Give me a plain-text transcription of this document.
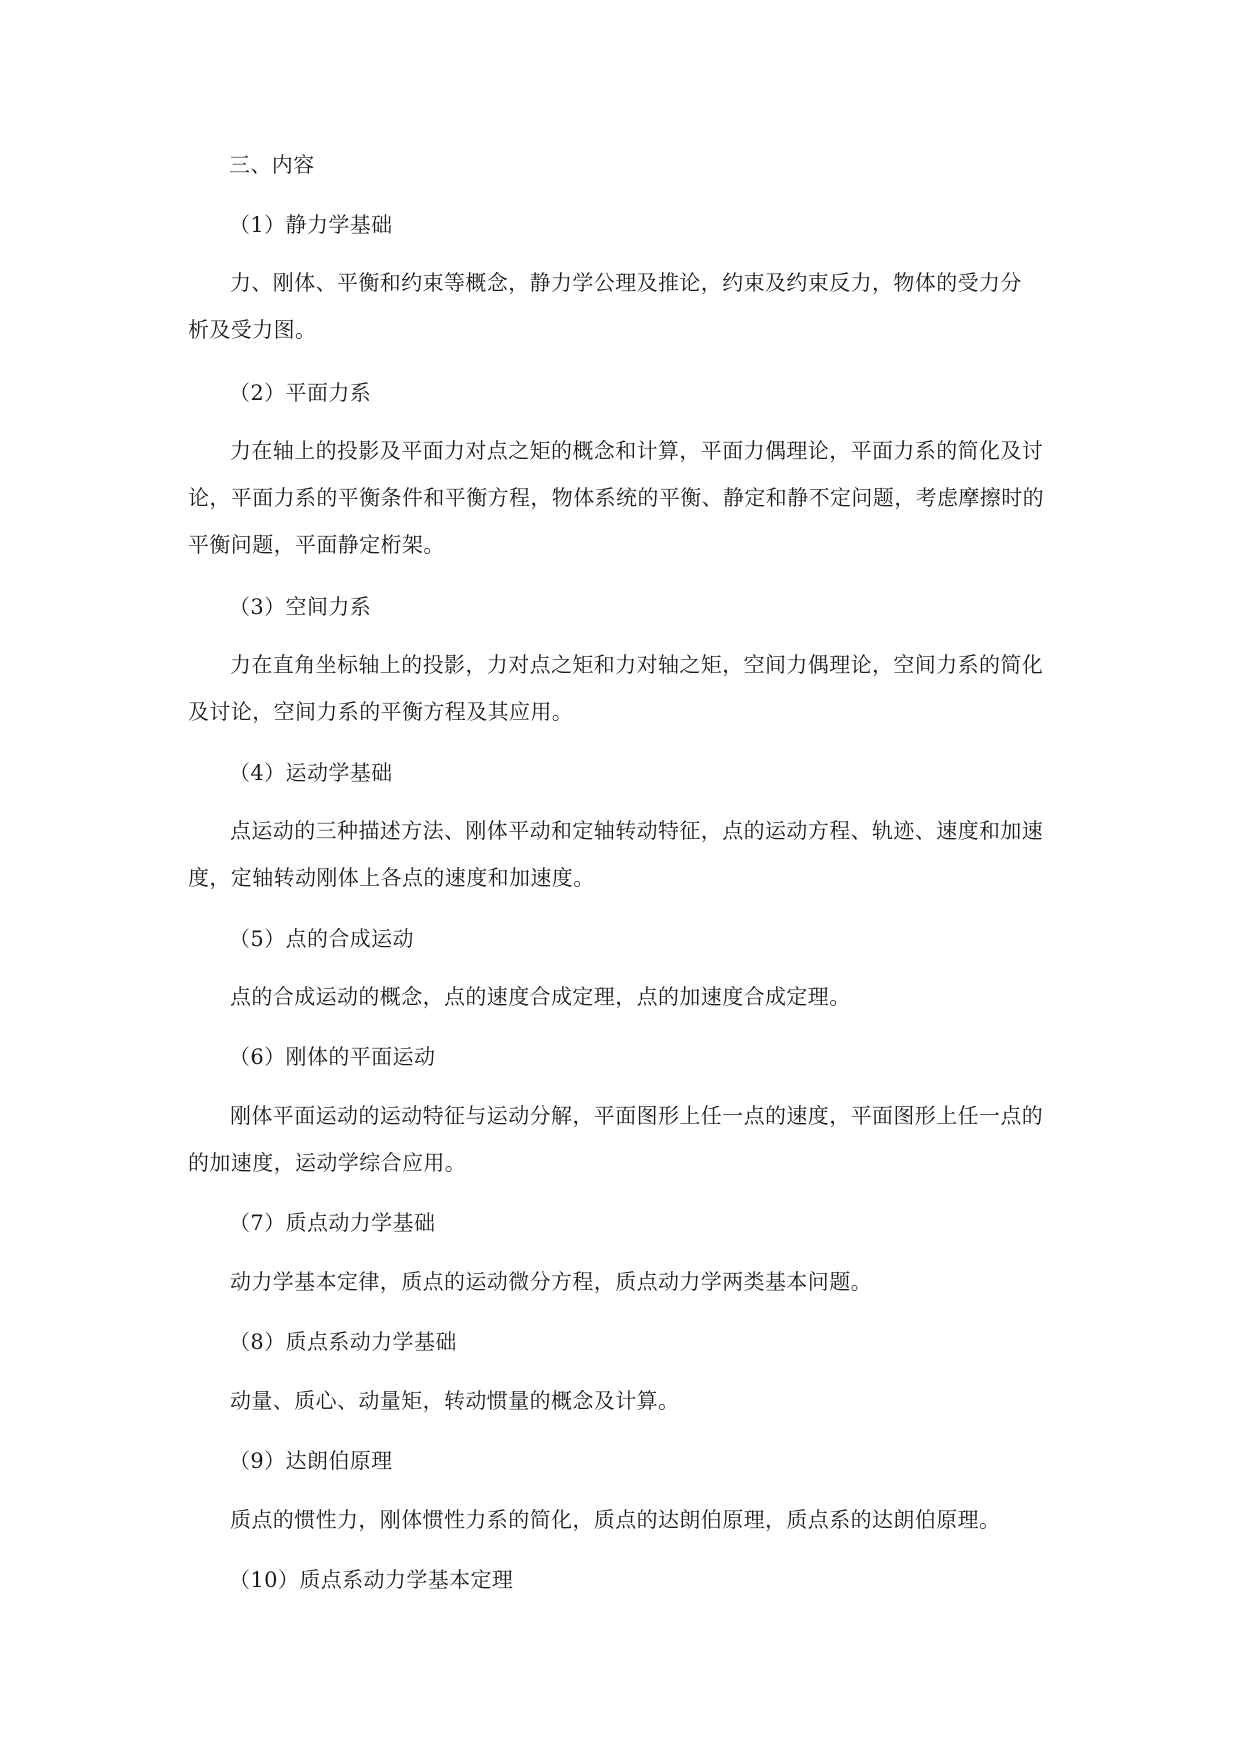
三、内容
（1）静力学基础
力、刚体、平衡和约束等概念，静力学公理及推论，约束及约束反力，物体的受力分
析及受力图。
（2）平面力系
力在轴上的投影及平面力对点之矩的概念和计算，平面力偶理论，平面力系的简化及讨
论，平面力系的平衡条件和平衡方程，物体系统的平衡、静定和静不定问题，考虑摩擦时的
平衡问题，平面静定桁架。
（3）空间力系
力在直角坐标轴上的投影，力对点之矩和力对轴之矩，空间力偶理论，空间力系的简化
及讨论，空间力系的平衡方程及其应用。
（4）运动学基础
点运动的三种描述方法、刚体平动和定轴转动特征，点的运动方程、轨迹、速度和加速
度，定轴转动刚体上各点的速度和加速度。
（5）点的合成运动
点的合成运动的概念，点的速度合成定理，点的加速度合成定理。
（6）刚体的平面运动
刚体平面运动的运动特征与运动分解，平面图形上任一点的速度，平面图形上任一点的
的加速度，运动学综合应用。
（7）质点动力学基础
动力学基本定律，质点的运动微分方程，质点动力学两类基本问题。
（8）质点系动力学基础
动量、质心、动量矩，转动惯量的概念及计算。
（9）达朗伯原理
质点的惯性力，刚体惯性力系的简化，质点的达朗伯原理，质点系的达朗伯原理。
（10）质点系动力学基本定理
